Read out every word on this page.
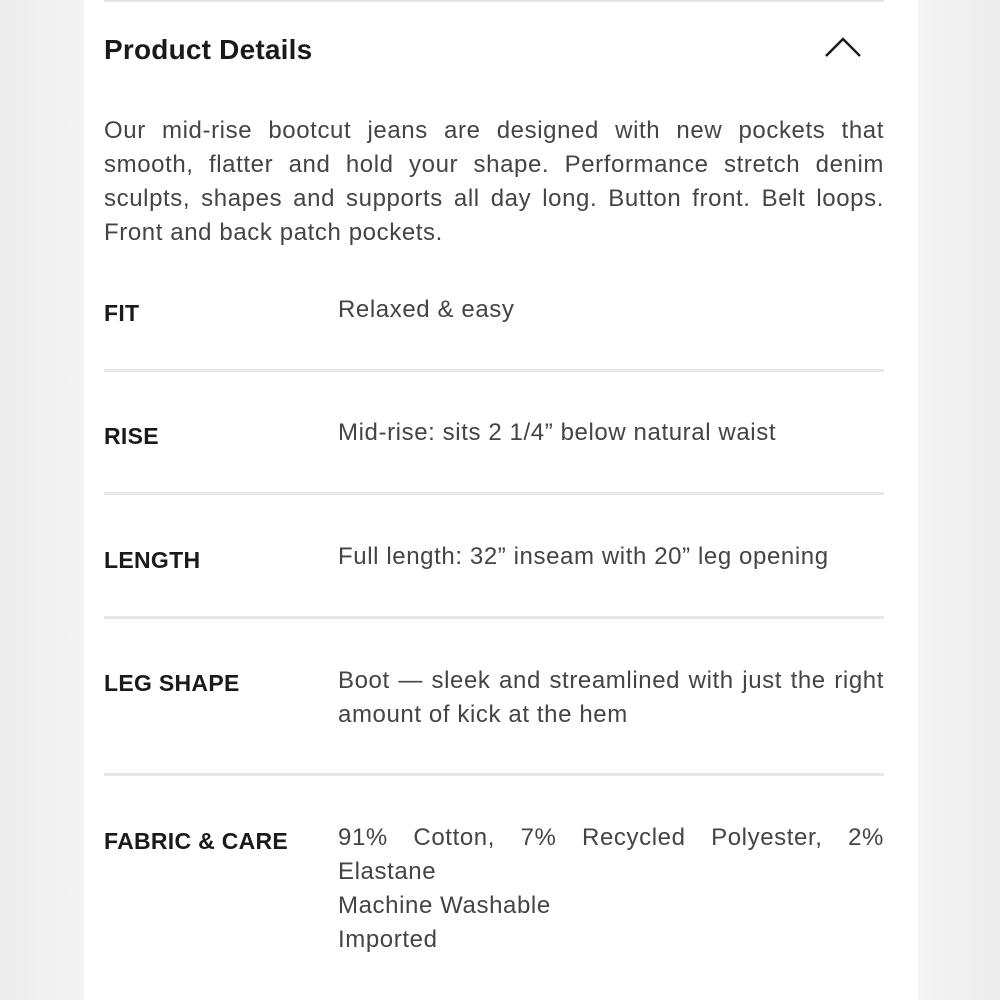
Product Details

Our mid-rise bootcut jeans are designed with new pockets that smooth, flatter and hold your shape. Performance stretch denim sculpts, shapes and supports all day long. Button front. Belt loops. Front and back patch pockets.

FIT	Relaxed & easy
RISE	Mid-rise: sits 2 1/4” below natural waist
LENGTH	Full length: 32” inseam with 20” leg opening
LEG SHAPE	Boot — sleek and streamlined with just the right amount of kick at the hem
FABRIC & CARE 91% Cotton, 7% Recycled Polyester, 2% Elastane
Machine Washable
Imported
